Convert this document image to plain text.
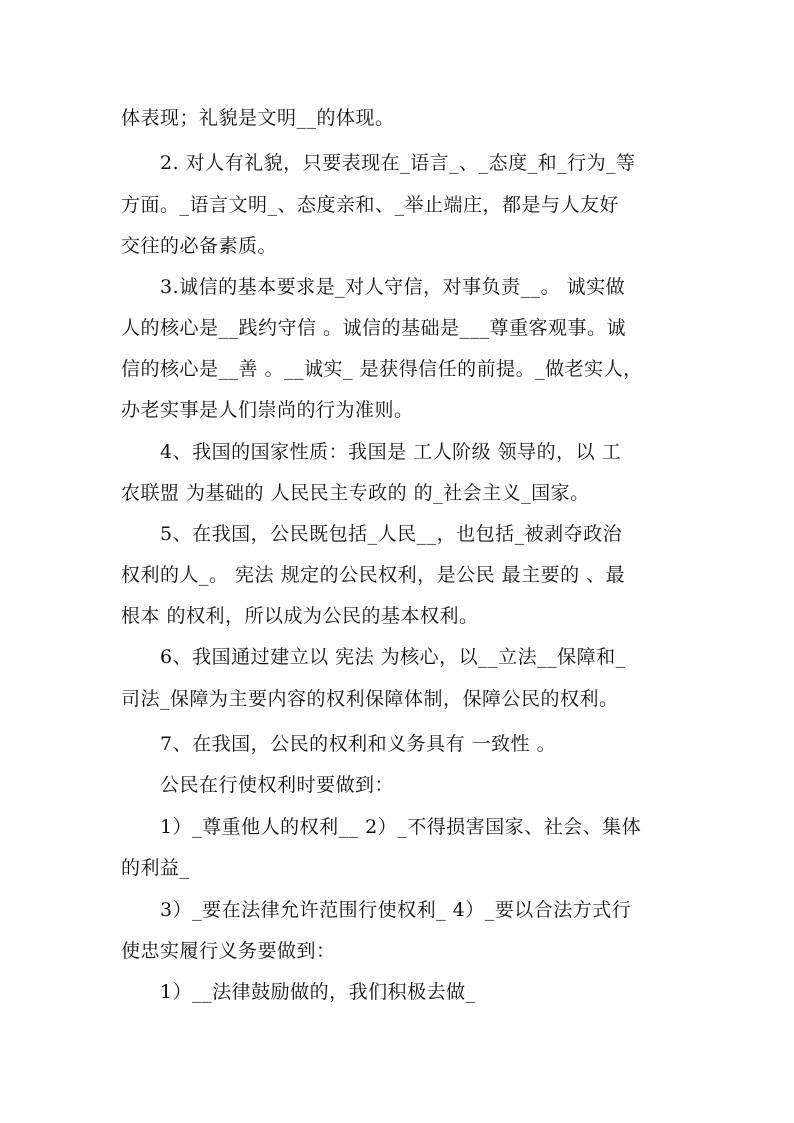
体表现；礼貌是文明__的体现。
2. 对人有礼貌，只要表现在_语言_、_态度_和_行为_等
方面。_语言文明_、态度亲和、_举止端庄，都是与人友好
交往的必备素质。
3.诚信的基本要求是_对人守信，对事负责__。 诚实做
人的核心是__践约守信 。诚信的基础是___尊重客观事。诚
信的核心是__善 。__诚实_ 是获得信任的前提。_做老实人，
办老实事是人们崇尚的行为准则。
4、我国的国家性质：我国是 工人阶级 领导的，以 工
农联盟 为基础的 人民民主专政的 的_社会主义_国家。
5、在我国，公民既包括_人民__，也包括_被剥夺政治
权利的人_。 宪法 规定的公民权利，是公民 最主要的 、最
根本 的权利，所以成为公民的基本权利。
6、我国通过建立以 宪法 为核心，以__立法__保障和_
司法_保障为主要内容的权利保障体制，保障公民的权利。
7、在我国，公民的权利和义务具有 一致性 。
公民在行使权利时要做到：
1）_尊重他人的权利__ 2）_不得损害国家、社会、集体
的利益_
3）_要在法律允许范围行使权利_ 4）_要以合法方式行
使忠实履行义务要做到：
1）__法律鼓励做的，我们积极去做_
